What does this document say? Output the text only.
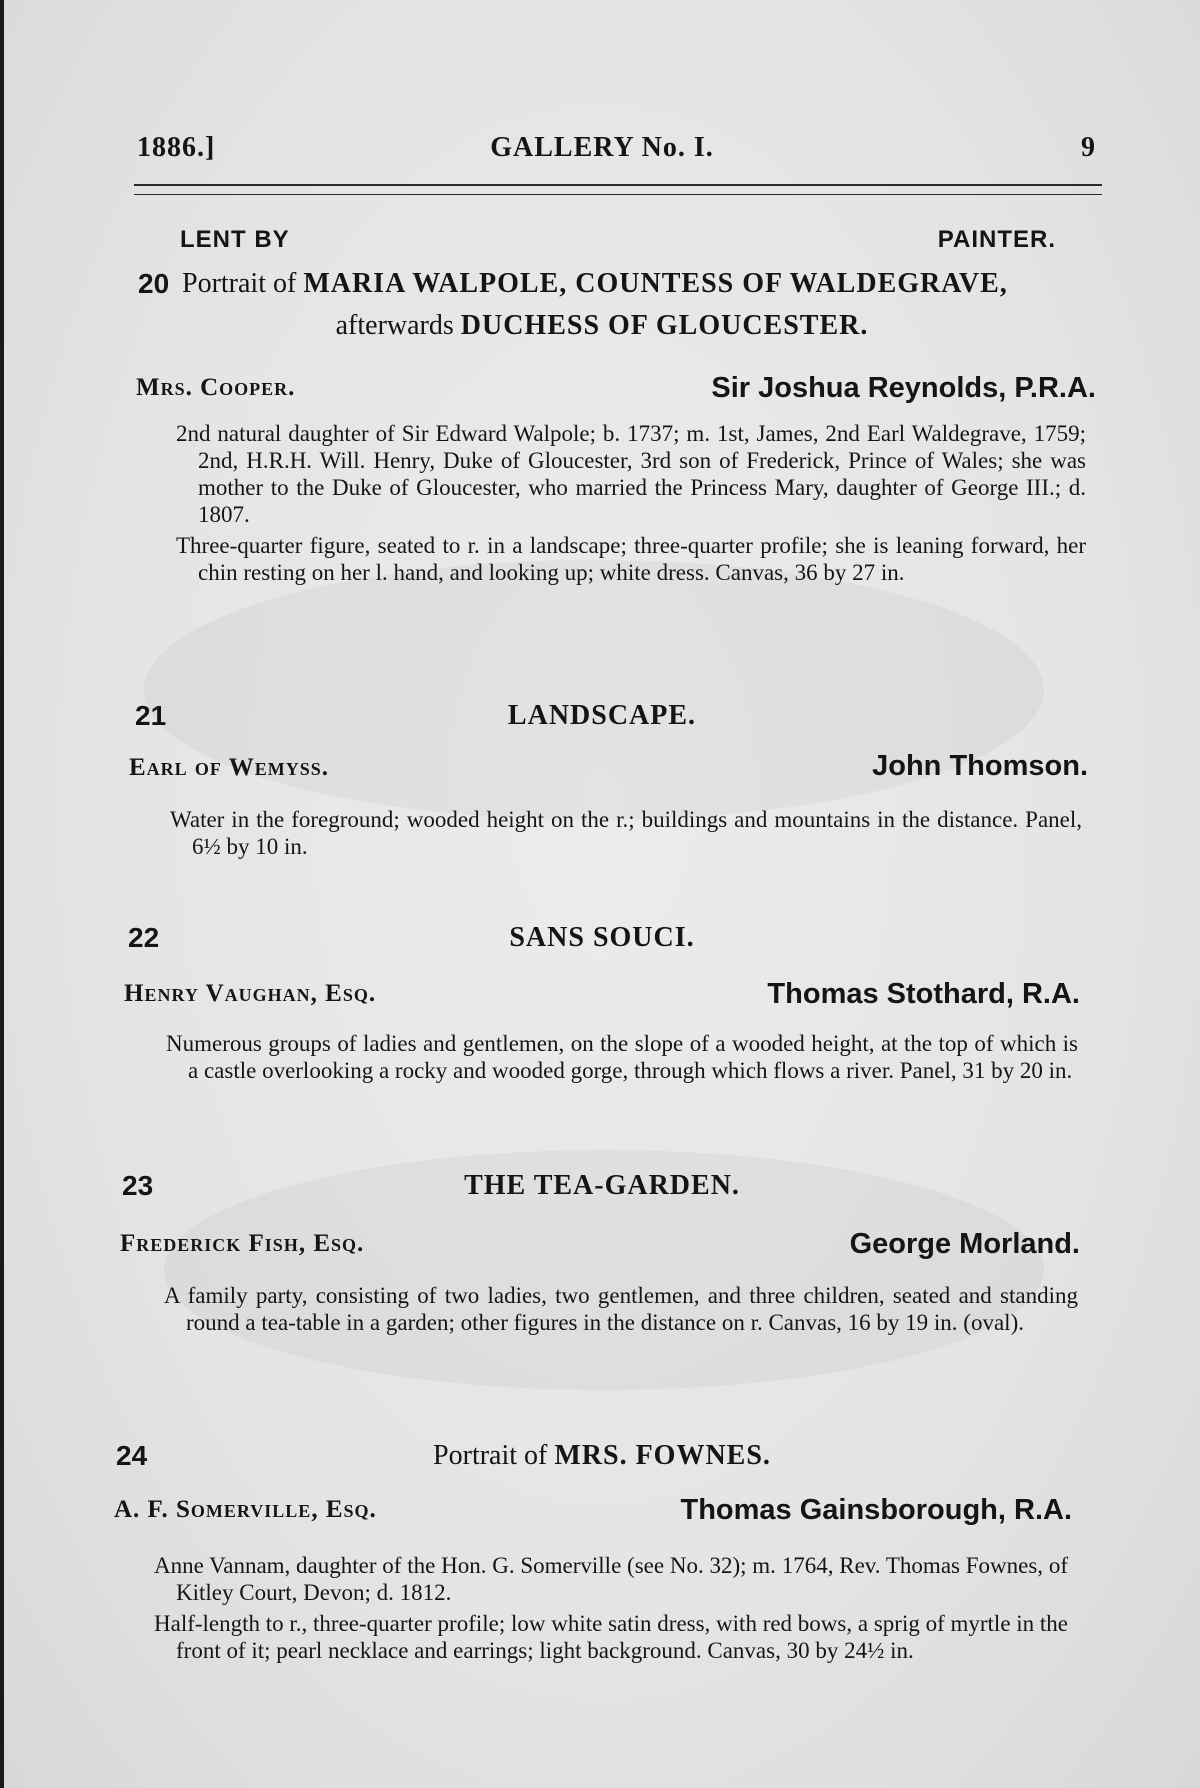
1886.]	GALLERY No. I.	9
LENT BY	PAINTER.
20 Portrait of MARIA WALPOLE, COUNTESS OF WALDEGRAVE,
afterwards DUCHESS OF GLOUCESTER.
Mrs. Cooper.	Sir Joshua Reynolds, P.R.A.
2nd natural daughter of Sir Edward Walpole; b. 1737; m. 1st, James, 2nd Earl Waldegrave, 1759; 2nd, H.R.H. Will. Henry, Duke of Gloucester, 3rd son of Frederick, Prince of Wales; she was mother to the Duke of Gloucester, who married the Princess Mary, daughter of George III.; d. 1807.
Three-quarter figure, seated to r. in a landscape; three-quarter profile; she is leaning forward, her chin resting on her l. hand, and looking up; white dress. Canvas, 36 by 27 in.
21	LANDSCAPE.
Earl of Wemyss.	John Thomson.
Water in the foreground; wooded height on the r.; buildings and mountains in the distance. Panel, 6½ by 10 in.
22	SANS SOUCI.
Henry Vaughan, Esq.	Thomas Stothard, R.A.
Numerous groups of ladies and gentlemen, on the slope of a wooded height, at the top of which is a castle overlooking a rocky and wooded gorge, through which flows a river. Panel, 31 by 20 in.
23	THE TEA-GARDEN.
Frederick Fish, Esq.	George Morland.
A family party, consisting of two ladies, two gentlemen, and three children, seated and standing round a tea-table in a garden; other figures in the distance on r. Canvas, 16 by 19 in. (oval).
24	Portrait of MRS. FOWNES.
A. F. Somerville, Esq.	Thomas Gainsborough, R.A.
Anne Vannam, daughter of the Hon. G. Somerville (see No. 32); m. 1764, Rev. Thomas Fownes, of Kitley Court, Devon; d. 1812.
Half-length to r., three-quarter profile; low white satin dress, with red bows, a sprig of myrtle in the front of it; pearl necklace and earrings; light background. Canvas, 30 by 24½ in.
